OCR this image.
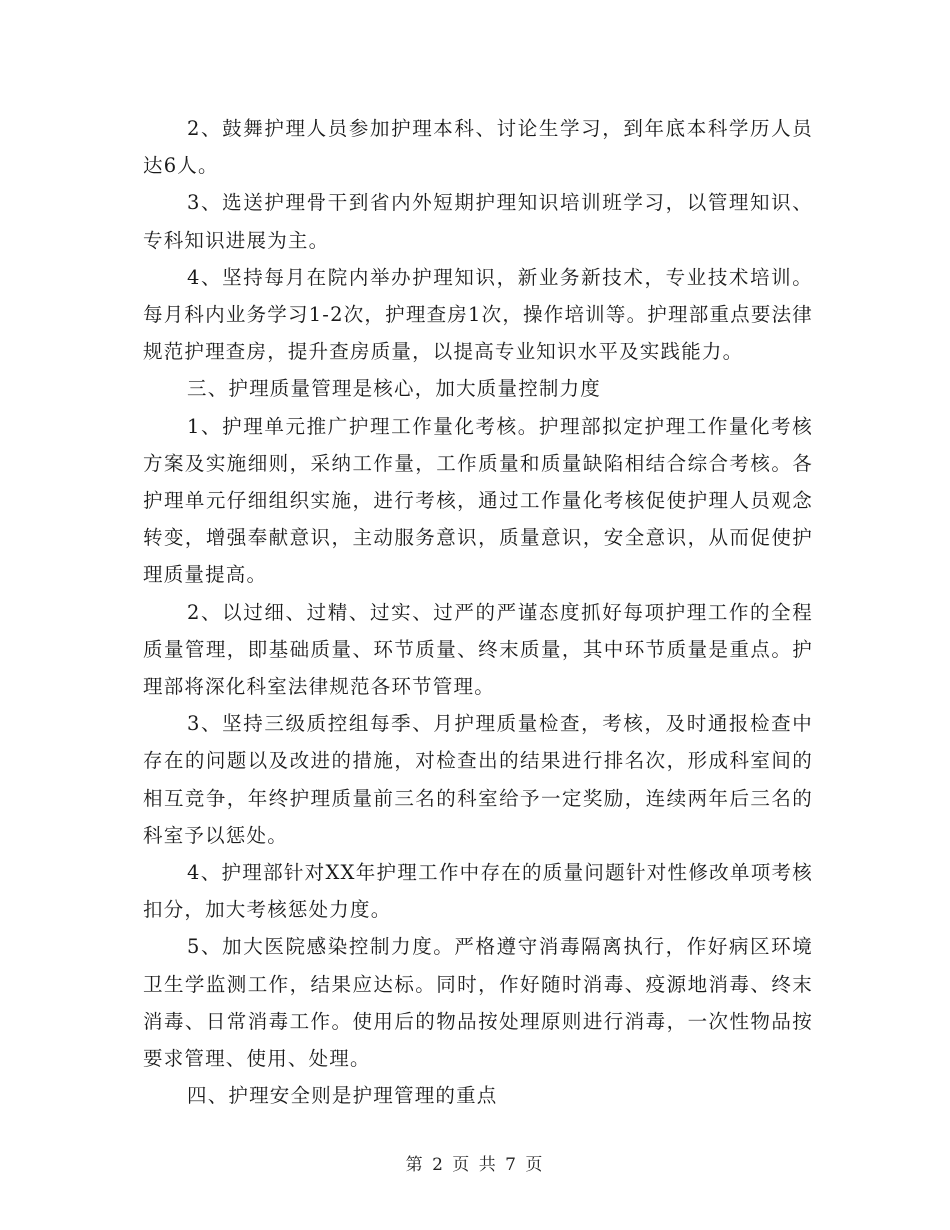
2、鼓舞护理人员参加护理本科、讨论生学习，到年底本科学历人员达6人。

3、选送护理骨干到省内外短期护理知识培训班学习，以管理知识、专科知识进展为主。

4、坚持每月在院内举办护理知识，新业务新技术，专业技术培训。每月科内业务学习1-2次，护理查房1次，操作培训等。护理部重点要法律规范护理查房，提升查房质量，以提高专业知识水平及实践能力。

三、护理质量管理是核心，加大质量控制力度

1、护理单元推广护理工作量化考核。护理部拟定护理工作量化考核方案及实施细则，采纳工作量，工作质量和质量缺陷相结合综合考核。各护理单元仔细组织实施，进行考核，通过工作量化考核促使护理人员观念转变，增强奉献意识，主动服务意识，质量意识，安全意识，从而促使护理质量提高。

2、以过细、过精、过实、过严的严谨态度抓好每项护理工作的全程质量管理，即基础质量、环节质量、终末质量，其中环节质量是重点。护理部将深化科室法律规范各环节管理。

3、坚持三级质控组每季、月护理质量检查，考核，及时通报检查中存在的问题以及改进的措施，对检查出的结果进行排名次，形成科室间的相互竞争，年终护理质量前三名的科室给予一定奖励，连续两年后三名的科室予以惩处。

4、护理部针对XX年护理工作中存在的质量问题针对性修改单项考核扣分，加大考核惩处力度。

5、加大医院感染控制力度。严格遵守消毒隔离执行，作好病区环境卫生学监测工作，结果应达标。同时，作好随时消毒、疫源地消毒、终末消毒、日常消毒工作。使用后的物品按处理原则进行消毒，一次性物品按要求管理、使用、处理。

四、护理安全则是护理管理的重点

第 2 页 共 7 页
